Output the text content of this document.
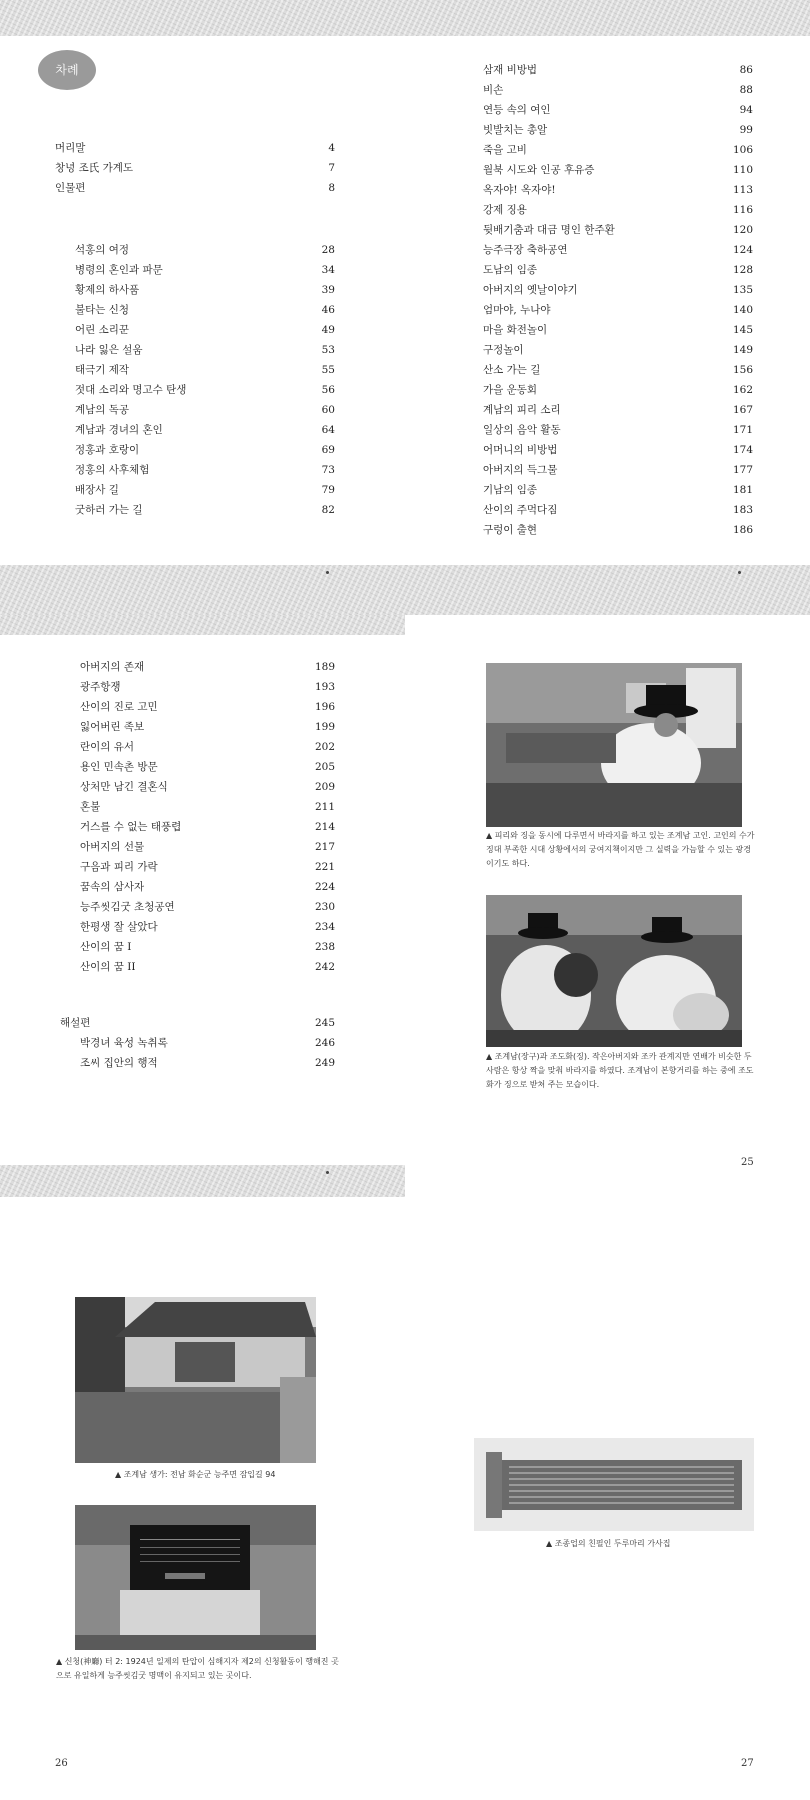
차례
머리말	4
창녕 조氏 가계도	7
인물편	8
석홍의 여정	28
병령의 혼인과 파문	34
황제의 하사품	39
불타는 신청	46
어린 소리꾼	49
나라 잃은 설움	53
태극기 제작	55
젓대 소리와 명고수 탄생	56
계남의 독공	60
계남과 경녀의 혼인	64
정홍과 호랑이	69
정홍의 사후체험	73
배장사 길	79
굿하러 가는 길	82
삼재 비방법	86
비손	88
연등 속의 여인	94
빗발치는 총알	99
죽을 고비	106
월북 시도와 인공 후유증	110
옥자야! 옥자야!	113
강제 징용	116
뒷배기춤과 대금 명인 한주환	120
능주극장 축하공연	124
도남의 임종	128
아버지의 옛날이야기	135
엄마야, 누나야	140
마을 화전놀이	145
구정놀이	149
산소 가는 길	156
가을 운동회	162
계남의 피리 소리	167
일상의 음악 활동	171
어머니의 비방법	174
아버지의 득그물	177
기남의 임종	181
산이의 주먹다짐	183
구렁이 출현	186
아버지의 존재	189
광주항쟁	193
산이의 진로 고민	196
잃어버린 족보	199
란이의 유서	202
용인 민속촌 방문	205
상처만 남긴 결혼식	209
혼불	211
거스를 수 없는 태풍렵	214
아버지의 선물	217
구음과 피리 가락	221
꿈속의 삼사자	224
능주씻김굿 초청공연	230
한평생 잘 살았다	234
산이의 꿈 I	238
산이의 꿈 II	242
해설편	245
박경녀 육성 녹취록	246
조씨 집안의 행적	249
▲ 피리와 징을 동시에 다루면서 바라지를 하고 있는 조계남 고인. 고인의 수가 징대 부족한 시대 상황에서의 궁여지책이지만 그 실력을 가늠할 수 있는 광경이기도 하다.
▲ 조계남(장구)과 조도화(징). 작은아버지와 조카 관계지만 연배가 비슷한 두 사람은 항상 짝을 맞춰 바라지를 하였다. 조계남이 본향거리를 하는 중에 조도화가 징으로 받쳐 주는 모습이다.
25
▲ 조계남 생가: 전남 화순군 능주면 잠입길 94
▲ 신청(神廳) 터 2: 1924년 일제의 탄압이 심해지자 제2의 신청활동이 행해진 곳으로 유일하게 능주씻김굿 명맥이 유지되고 있는 곳이다.
26
▲ 조종업의 친필인 두루마리 가사집
27
